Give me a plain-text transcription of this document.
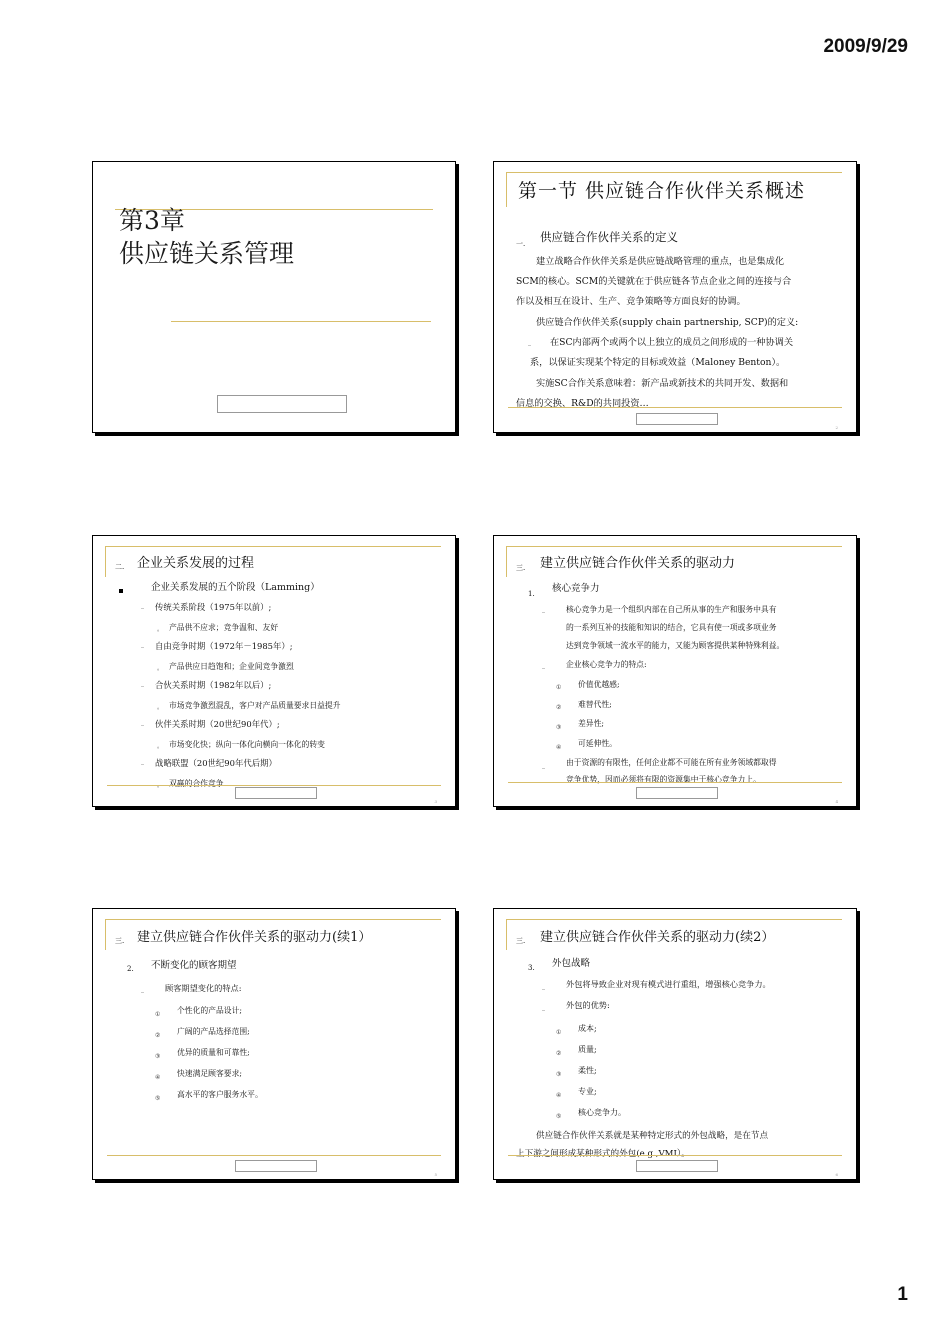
2009/9/29
第3章
供应链关系管理
第一节 供应链合作伙伴关系概述
一. 供应链合作伙伴关系的定义
建立战略合作伙伴关系是供应链战略管理的重点，也是集成化
SCM的核心。SCM的关键就在于供应链各节点企业之间的连接与合
作以及相互在设计、生产、竞争策略等方面良好的协调。
供应链合作伙伴关系(supply chain partnership, SCP)的定义:
_ 在SC内部两个或两个以上独立的成员之间形成的一种协调关
系，以保证实现某个特定的目标或效益（Maloney Benton）。
实施SC合作关系意味着：新产品或新技术的共同开发、数据和
信息的交换、R&D的共同投资…
2
二. 企业关系发展的过程
企业关系发展的五个阶段（Lamming）
_ 传统关系阶段（1975年以前）;
。 产品供不应求；竞争温和、友好
_ 自由竞争时期（1972年－1985年）;
。 产品供应日趋饱和；企业间竞争激烈
_ 合伙关系时期（1982年以后）;
。 市场竞争激烈混乱，客户对产品质量要求日益提升
_ 伙伴关系时期（20世纪90年代）;
。 市场变化快；纵向一体化向横向一体化的转变
_ 战略联盟（20世纪90年代后期）
。 双赢的合作竞争
3
三. 建立供应链合作伙伴关系的驱动力
1. 核心竞争力
_	核心竞争力是一个组织内部在自己所从事的生产和服务中具有
的一系列互补的技能和知识的结合，它具有使一项或多项业务
达到竞争领域一流水平的能力，又能为顾客提供某种特殊利益。
_	企业核心竞争力的特点:
① 价值优越感;
② 难替代性;
③ 差异性;
④ 可延伸性。
_	由于资源的有限性，任何企业都不可能在所有业务领域都取得
竞争优势，因而必须将有限的资源集中于核心竞争力上。
4
三. 建立供应链合作伙伴关系的驱动力(续1）
2. 不断变化的顾客期望
_	顾客期望变化的特点:
① 个性化的产品设计;
② 广阔的产品选择范围;
③ 优异的质量和可靠性;
④ 快速满足顾客要求;
⑤ 高水平的客户服务水平。
5
三. 建立供应链合作伙伴关系的驱动力(续2）
3. 外包战略
_	外包将导致企业对现有模式进行重组，增强核心竞争力。
_	外包的优势:
① 成本;
② 质量;
③ 柔性;
④ 专业;
⑤ 核心竞争力。
供应链合作伙伴关系就是某种特定形式的外包战略，是在节点
上下游之间形成某种形式的外包(e.g.,VMI）。
6
1
